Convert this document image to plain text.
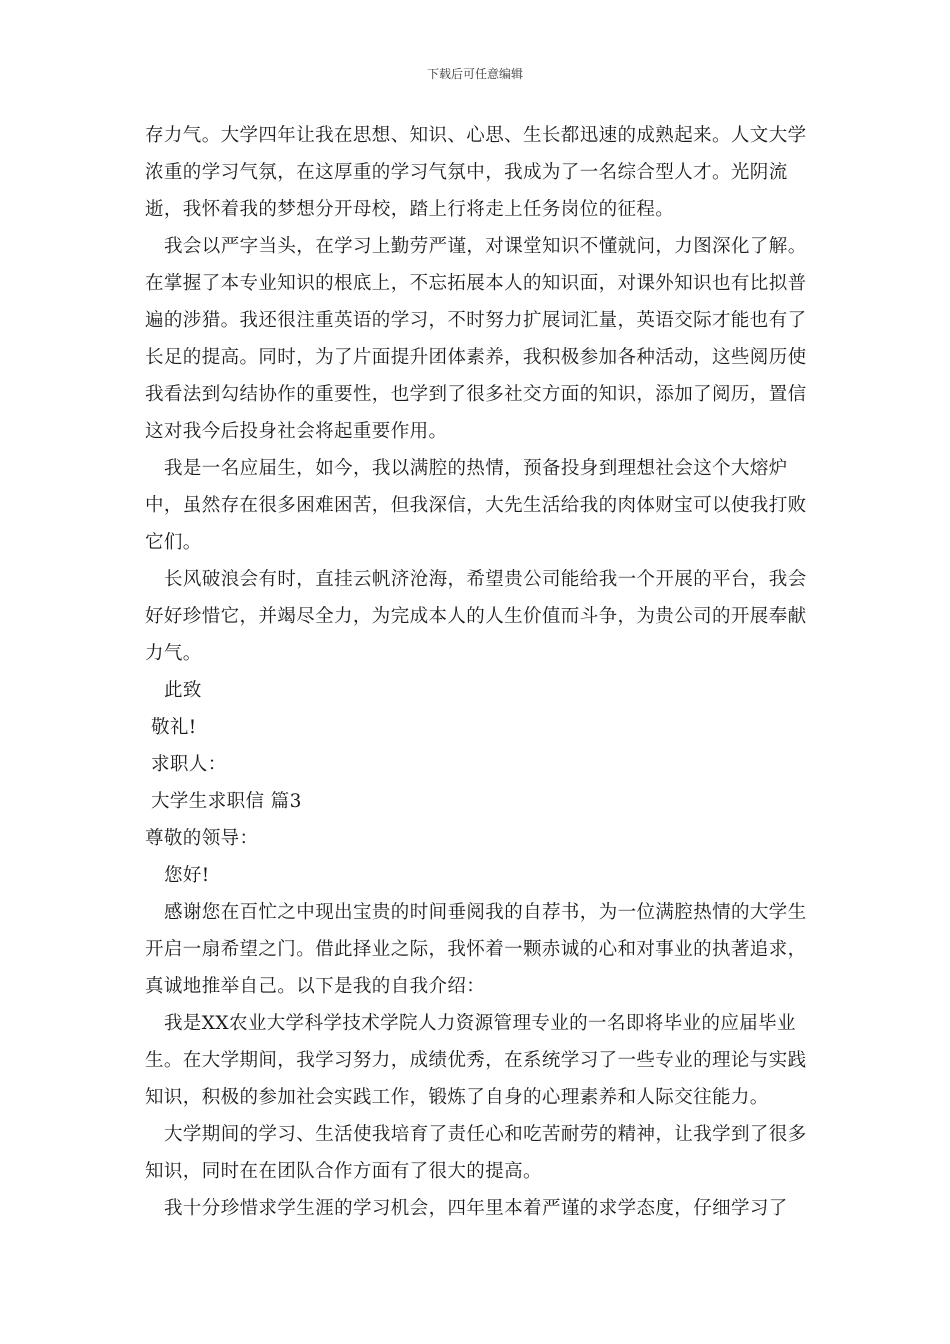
下载后可任意编辑

存力气。大学四年让我在思想、知识、心思、生长都迅速的成熟起来。人文大学浓重的学习气氛，在这厚重的学习气氛中，我成为了一名综合型人才。光阴流逝，我怀着我的梦想分开母校，踏上行将走上任务岗位的征程。

我会以严字当头，在学习上勤劳严谨，对课堂知识不懂就问，力图深化了解。在掌握了本专业知识的根底上，不忘拓展本人的知识面，对课外知识也有比拟普遍的涉猎。我还很注重英语的学习，不时努力扩展词汇量，英语交际才能也有了长足的提高。同时，为了片面提升团体素养，我积极参加各种活动，这些阅历使我看法到勾结协作的重要性，也学到了很多社交方面的知识，添加了阅历，置信这对我今后投身社会将起重要作用。

我是一名应届生，如今，我以满腔的热情，预备投身到理想社会这个大熔炉中，虽然存在很多困难困苦，但我深信，大先生活给我的肉体财宝可以使我打败它们。

长风破浪会有时，直挂云帆济沧海，希望贵公司能给我一个开展的平台，我会好好珍惜它，并竭尽全力，为完成本人的人生价值而斗争，为贵公司的开展奉献力气。

此致

敬礼!

求职人：

大学生求职信 篇3

尊敬的领导：

您好!

感谢您在百忙之中现出宝贵的时间垂阅我的自荐书，为一位满腔热情的大学生开启一扇希望之门。借此择业之际，我怀着一颗赤诚的心和对事业的执著追求，真诚地推举自己。以下是我的自我介绍：

我是XX农业大学科学技术学院人力资源管理专业的一名即将毕业的应届毕业生。在大学期间，我学习努力，成绩优秀，在系统学习了一些专业的理论与实践知识，积极的参加社会实践工作，锻炼了自身的心理素养和人际交往能力。

大学期间的学习、生活使我培育了责任心和吃苦耐劳的精神，让我学到了很多知识，同时在在团队合作方面有了很大的提高。

我十分珍惜求学生涯的学习机会，四年里本着严谨的求学态度，仔细学习了
